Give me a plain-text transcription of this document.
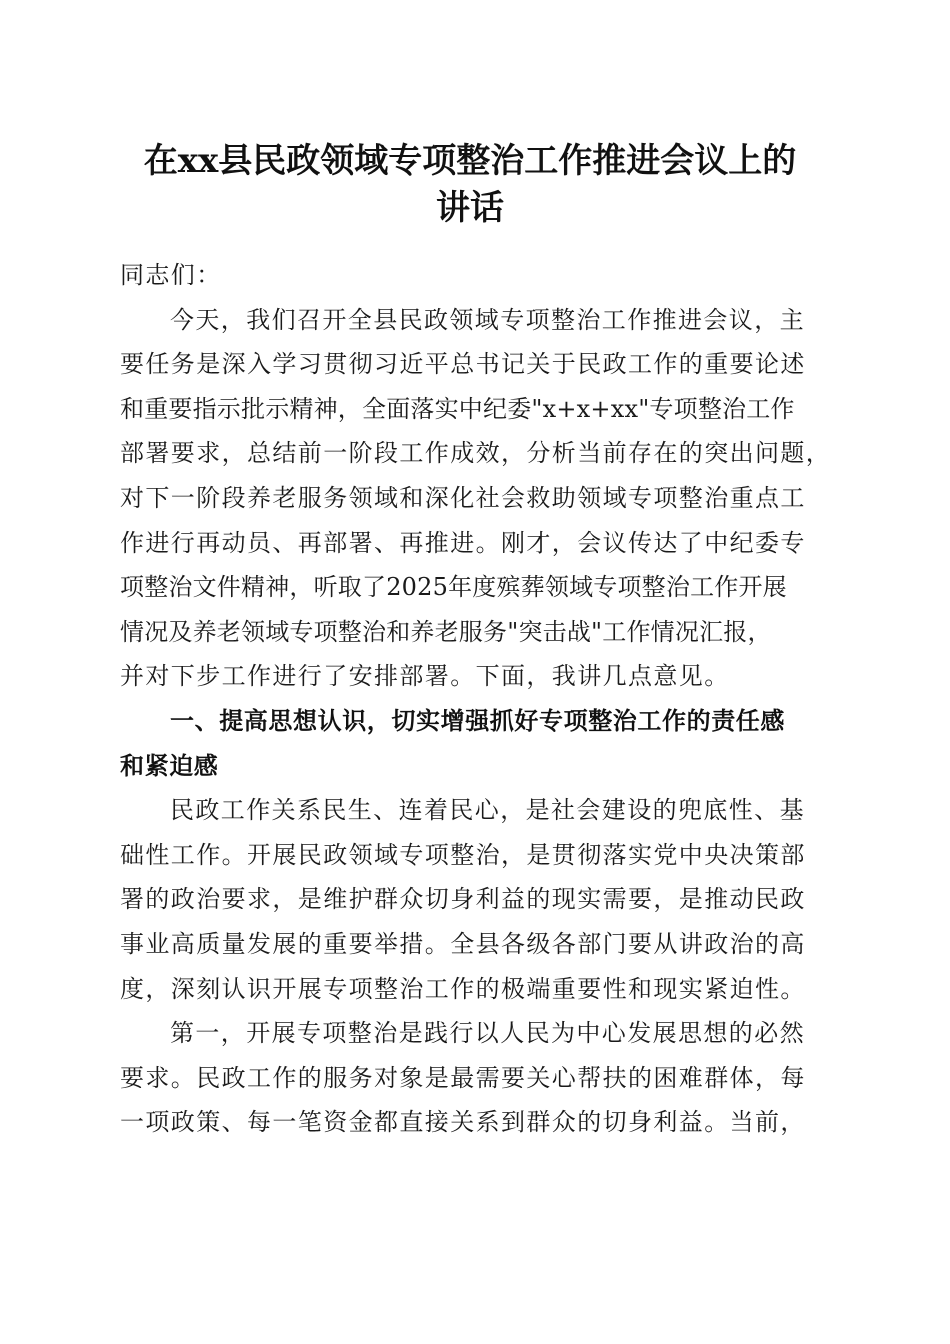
在xx县民政领域专项整治工作推进会议上的
讲话
同志们：
今天，我们召开全县民政领域专项整治工作推进会议，主
要任务是深入学习贯彻习近平总书记关于民政工作的重要论述
和重要指示批示精神，全面落实中纪委"x+x+xx"专项整治工作
部署要求，总结前一阶段工作成效，分析当前存在的突出问题，
对下一阶段养老服务领域和深化社会救助领域专项整治重点工
作进行再动员、再部署、再推进。刚才，会议传达了中纪委专
项整治文件精神，听取了2025年度殡葬领域专项整治工作开展
情况及养老领域专项整治和养老服务"突击战"工作情况汇报，
并对下步工作进行了安排部署。下面，我讲几点意见。
一、提高思想认识，切实增强抓好专项整治工作的责任感
和紧迫感
民政工作关系民生、连着民心，是社会建设的兜底性、基
础性工作。开展民政领域专项整治，是贯彻落实党中央决策部
署的政治要求，是维护群众切身利益的现实需要，是推动民政
事业高质量发展的重要举措。全县各级各部门要从讲政治的高
度，深刻认识开展专项整治工作的极端重要性和现实紧迫性。
第一，开展专项整治是践行以人民为中心发展思想的必然
要求。民政工作的服务对象是最需要关心帮扶的困难群体，每
一项政策、每一笔资金都直接关系到群众的切身利益。当前，
